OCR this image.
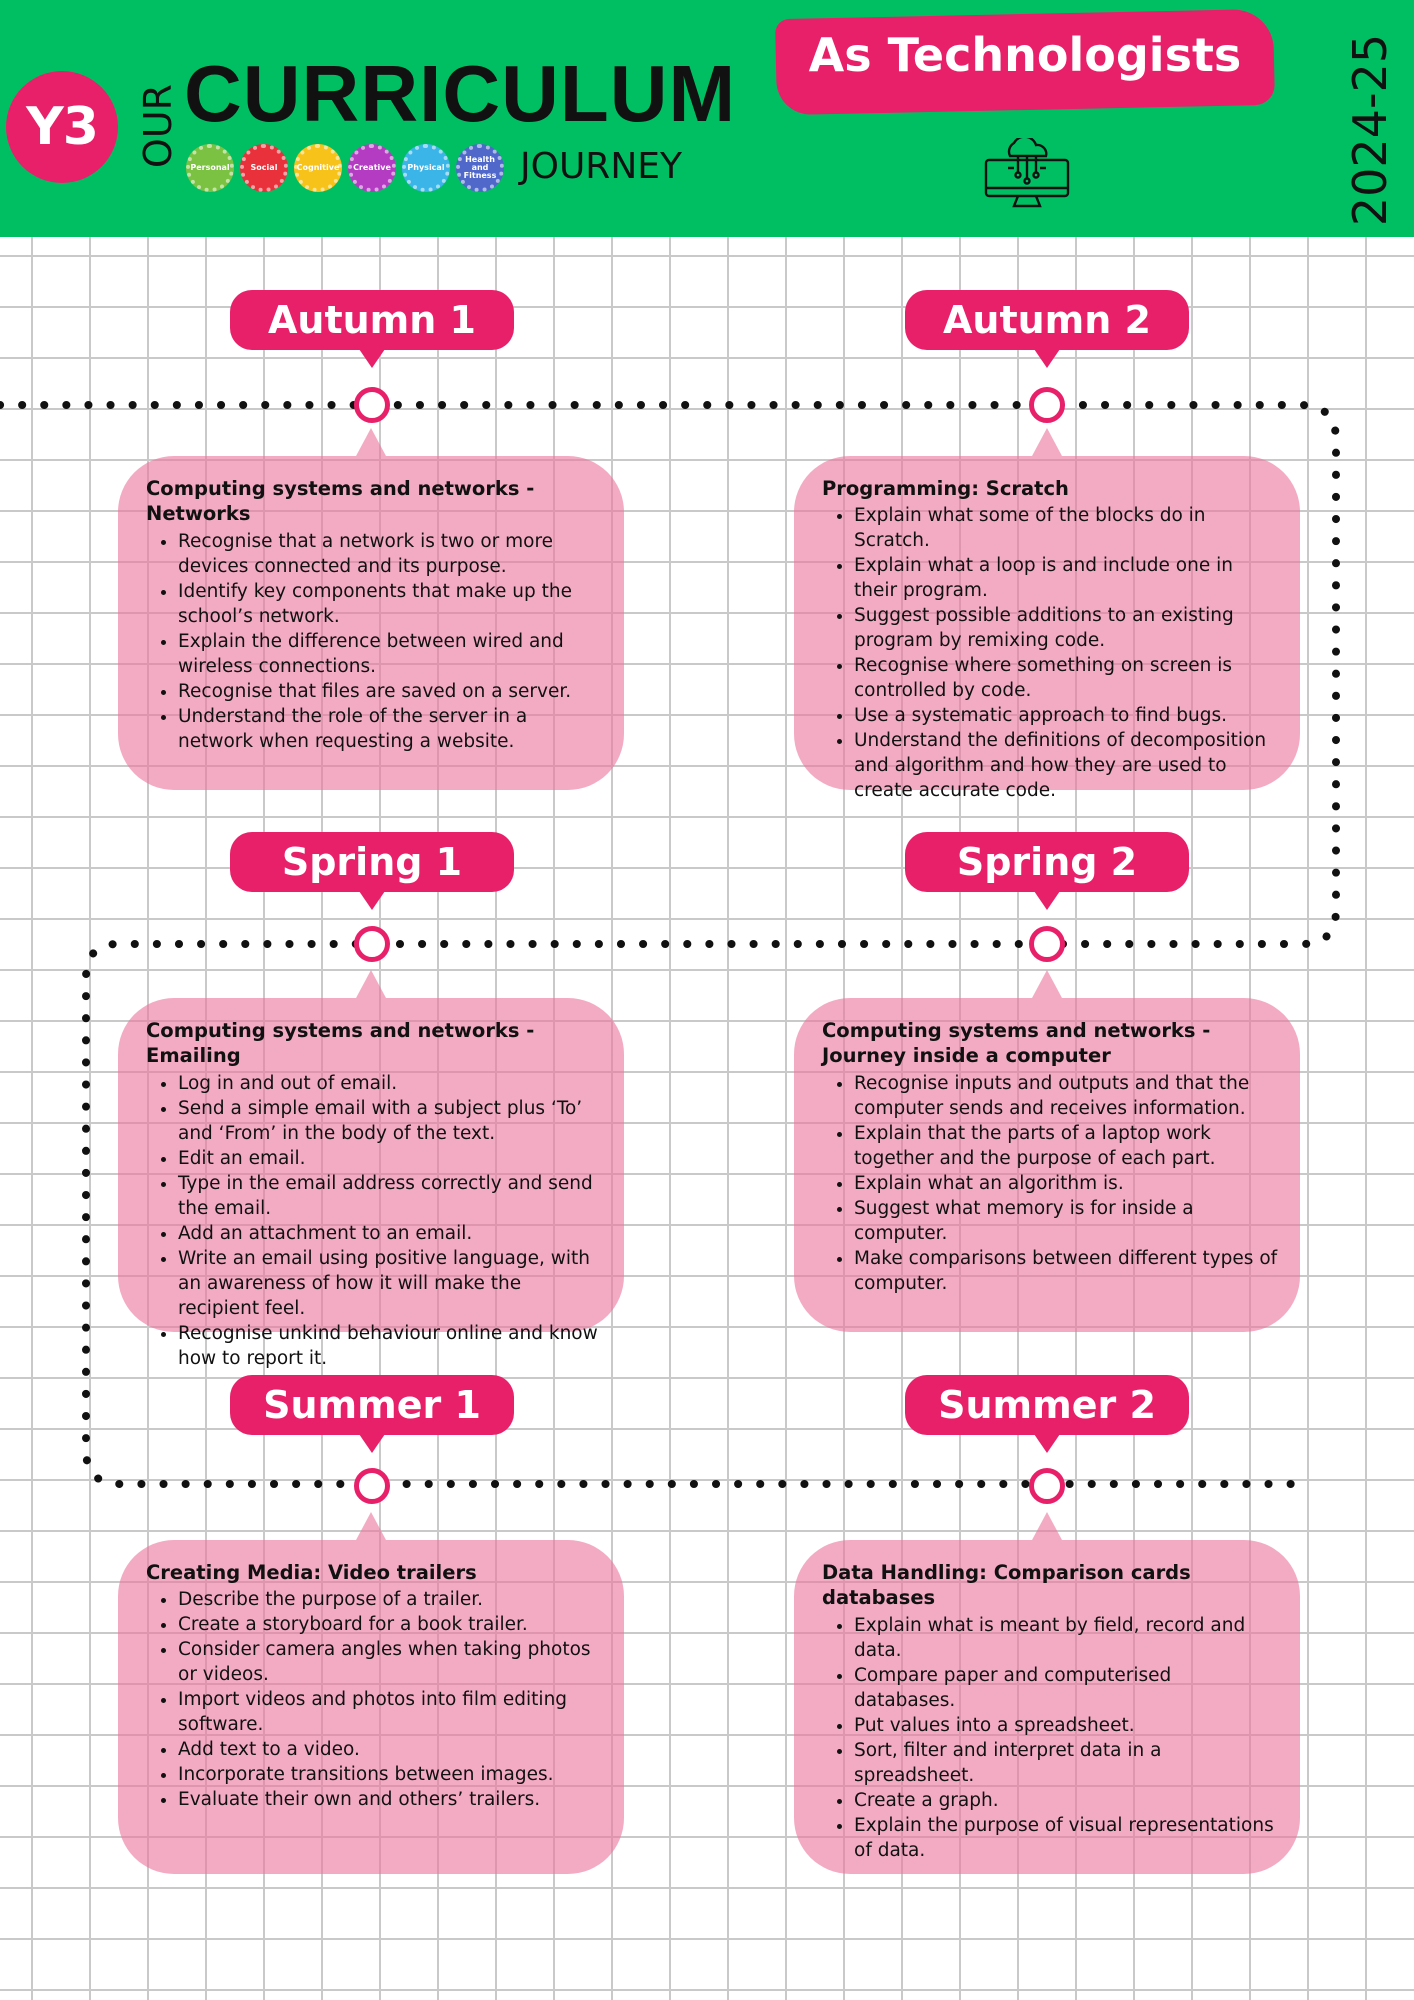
Y3	OUR CURRICULUM
Personal	Social	Cognitive	Creative	Physical
Health and Fitness JOURNEY
As Technologists	2024-25
Autumn 1
Computing systems and networks - Networks
• Recognise that a network is two or more devices connected and its purpose.
• Identify key components that make up the school’s network.
• Explain the difference between wired and wireless connections.
• Recognise that files are saved on a server.
• Understand the role of the server in a network when requesting a website.
Autumn 2
Programming: Scratch
• Explain what some of the blocks do in Scratch.
• Explain what a loop is and include one in their program.
• Suggest possible additions to an existing program by remixing code.
• Recognise where something on screen is controlled by code.
• Use a systematic approach to find bugs.
• Understand the definitions of decomposition and algorithm and how they are used to create accurate code.
Spring 1
Computing systems and networks - Emailing
• Log in and out of email.
• Send a simple email with a subject plus ‘To’ and ‘From’ in the body of the text.
• Edit an email.
• Type in the email address correctly and send the email.
• Add an attachment to an email.
• Write an email using positive language, with an awareness of how it will make the recipient feel.
• Recognise unkind behaviour online and know how to report it.
Spring 2
Computing systems and networks - Journey inside a computer
• Recognise inputs and outputs and that the computer sends and receives information.
• Explain that the parts of a laptop work together and the purpose of each part.
• Explain what an algorithm is.
• Suggest what memory is for inside a computer.
• Make comparisons between different types of computer.
Summer 1
Creating Media: Video trailers
• Describe the purpose of a trailer.
• Create a storyboard for a book trailer.
• Consider camera angles when taking photos or videos.
• Import videos and photos into film editing software.
• Add text to a video.
• Incorporate transitions between images.
• Evaluate their own and others’ trailers.
Summer 2
Data Handling: Comparison cards databases
• Explain what is meant by field, record and data.
• Compare paper and computerised databases.
• Put values into a spreadsheet.
• Sort, filter and interpret data in a spreadsheet.
• Create a graph.
• Explain the purpose of visual representations of data.
